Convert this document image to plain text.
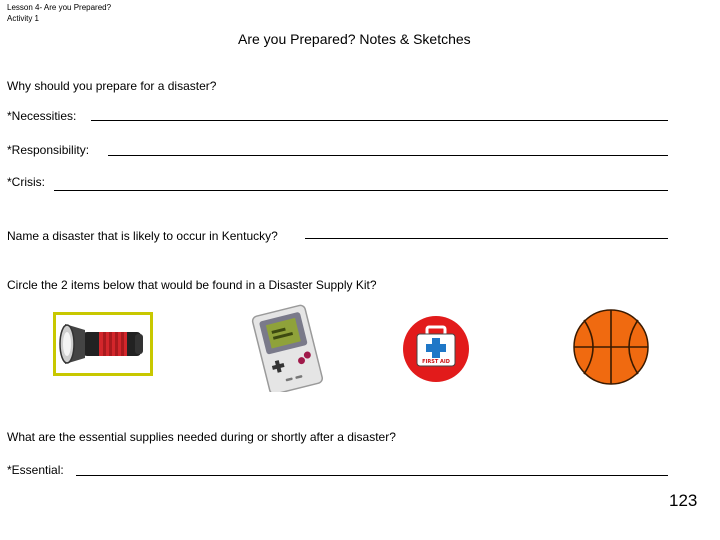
Lesson 4- Are you Prepared?
Activity 1
Are you Prepared? Notes & Sketches
Why should you prepare for a disaster?
*Necessities:
*Responsibility:
*Crisis:
Name a disaster that is likely to occur in Kentucky?
Circle the 2 items below that would be found in a Disaster Supply Kit?
FIRST AID
What are the essential supplies needed during or shortly after a disaster?
*Essential:
123
